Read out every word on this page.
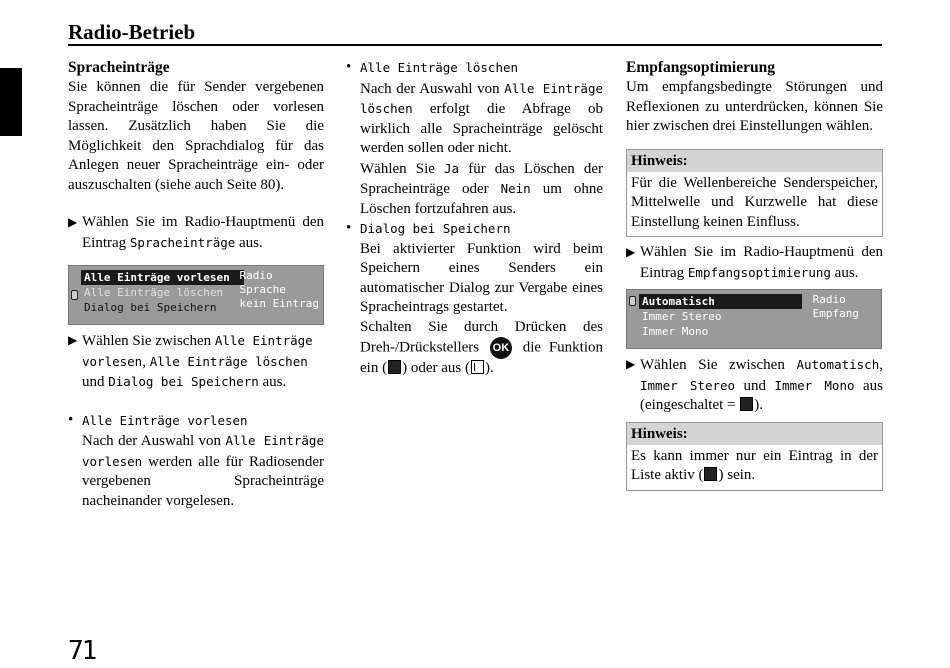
Radio-Betrieb

Spracheinträge

Sie können die für Sender vergebenen Spracheinträge löschen oder vorlesen lassen. Zusätzlich haben Sie die Möglichkeit den Sprachdialog für das Anlegen neuer Spracheinträge ein- oder auszuschalten (siehe auch Seite 80).

▶ Wählen Sie im Radio-Hauptmenü den Eintrag Spracheinträge aus.

Alle Einträge vorlesen
Alle Einträge löschen
Dialog bei Speichern
Radio
Sprache
kein Eintrag

▶ Wählen Sie zwischen Alle Einträge vorlesen, Alle Einträge löschen und Dialog bei Speichern aus.

• Alle Einträge vorlesen

Nach der Auswahl von Alle Einträge vorlesen werden alle für Radiosender vergebenen Spracheinträge nacheinander vorgelesen.

• Alle Einträge löschen

Nach der Auswahl von Alle Einträge löschen erfolgt die Abfrage ob wirklich alle Spracheinträge gelöscht werden sollen oder nicht.

Wählen Sie Ja für das Löschen der Spracheinträge oder Nein um ohne Löschen fortzufahren aus.

• Dialog bei Speichern

Bei aktivierter Funktion wird beim Speichern eines Senders ein automatischer Dialog zur Vergabe eines Spracheintrags gestartet.

Schalten Sie durch Drücken des Dreh-/Drückstellers OK die Funktion ein ( ) oder aus ( ).

Empfangsoptimierung

Um empfangsbedingte Störungen und Reflexionen zu unterdrücken, können Sie hier zwischen drei Einstellungen wählen.

Hinweis:

Für die Wellenbereiche Senderspeicher, Mittelwelle und Kurzwelle hat diese Einstellung keinen Einfluss.

▶ Wählen Sie im Radio-Hauptmenü den Eintrag Empfangsoptimierung aus.

Automatisch
Immer Stereo
Immer Mono
Radio
Empfang

▶ Wählen Sie zwischen Automatisch, Immer Stereo und Immer Mono aus (eingeschaltet = ).

Hinweis:

Es kann immer nur ein Eintrag in der Liste aktiv ( ) sein.

71
